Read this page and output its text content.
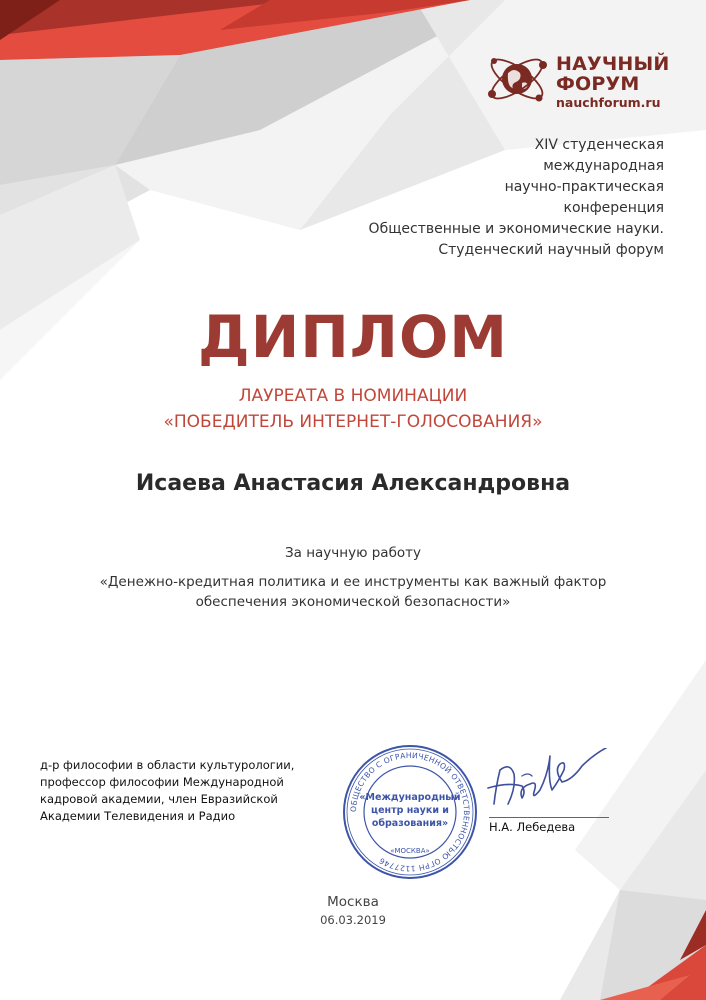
НАУЧНЫЙ
ФОРУМ
nauchforum.ru
XIV студенческая
международная
научно-практическая
конференция
Общественные и экономические науки.
Студенческий научный форум
ДИПЛОМ
ЛАУРЕАТА В НОМИНАЦИИ
«ПОБЕДИТЕЛЬ ИНТЕРНЕТ-ГОЛОСОВАНИЯ»
Исаева Анастасия Александровна
За научную работу
«Денежно-кредитная политика и ее инструменты как важный фактор
обеспечения экономической безопасности»
д-р философии в области культурологии,
профессор философии Международной
кадровой академии, член Евразийской
Академии Телевидения и Радио
ОБЩЕСТВО С ОГРАНИЧЕННОЙ ОТВЕТСТВЕННОСТЬЮ ОГРН 1127746
«Международный
центр науки и
образования»
«МОСКВА»
Н.А. Лебедева
Москва
06.03.2019
